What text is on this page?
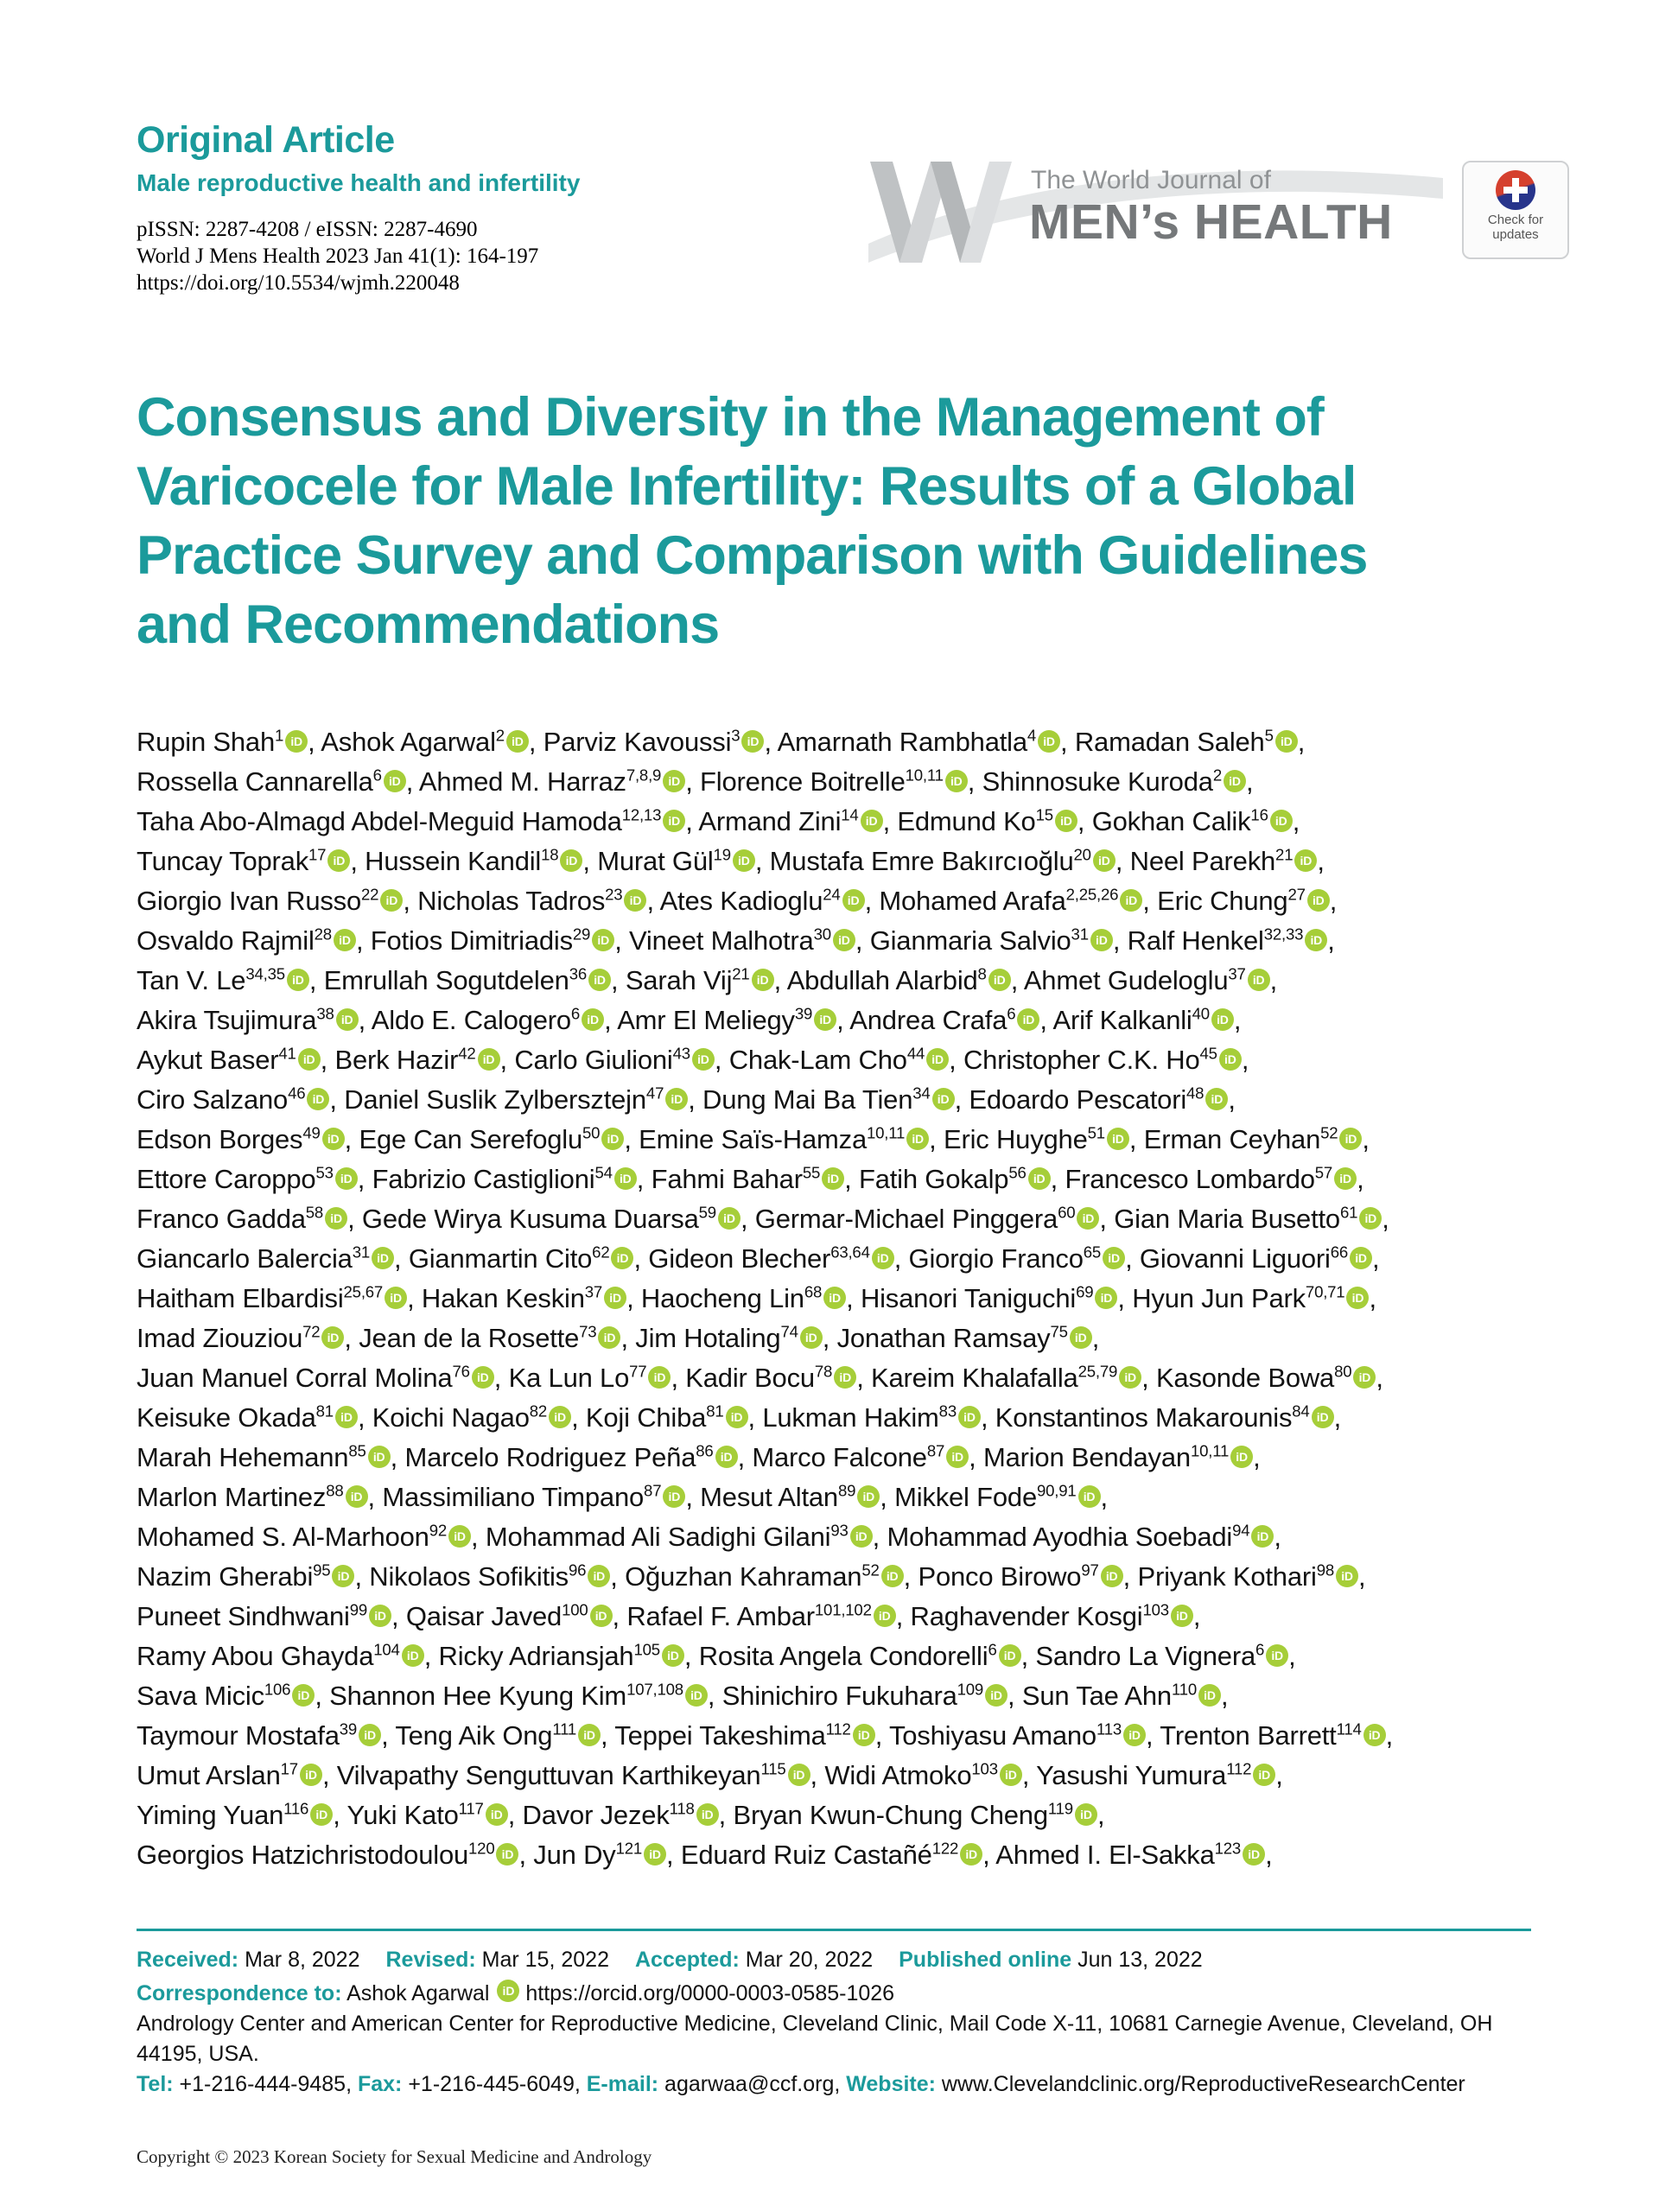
Original Article
Male reproductive health and infertility
pISSN: 2287-4208 / eISSN: 2287-4690
World J Mens Health 2023 Jan 41(1): 164-197
https://doi.org/10.5534/wjmh.220048
The World Journal of
MEN’s HEALTH	Check for updates
Consensus and Diversity in the Management of
Varicocele for Male Infertility: Results of a Global
Practice Survey and Comparison with Guidelines
and Recommendations
Rupin Shah$^1$ iD , Ashok Agarwal$^2$ iD , Parviz Kavoussi$^3$ iD , Amarnath Rambhatla$^4$ iD , Ramadan Saleh$^5$ iD ,
Rossella Cannarella$^6$ iD , Ahmed M. Harraz$^{7,8,9}$ iD , Florence Boitrelle$^{10,11}$ iD , Shinnosuke Kuroda$^2$ iD ,
Taha Abo-Almagd Abdel-Meguid Hamoda$^{12,13}$ iD , Armand Zini$^{14}$ iD , Edmund Ko$^{15}$ iD , Gokhan Calik$^{16}$ iD ,
Tuncay Toprak$^{17}$ iD , Hussein Kandil$^{18}$ iD , Murat Gül$^{19}$ iD , Mustafa Emre Bakırcıoğlu$^{20}$ iD , Neel Parekh$^{21}$ iD ,
Giorgio Ivan Russo$^{22}$ iD , Nicholas Tadros$^{23}$ iD , Ates Kadioglu$^{24}$ iD , Mohamed Arafa$^{2,25,26}$ iD , Eric Chung$^{27}$ iD ,
Osvaldo Rajmil$^{28}$ iD , Fotios Dimitriadis$^{29}$ iD , Vineet Malhotra$^{30}$ iD , Gianmaria Salvio$^{31}$ iD , Ralf Henkel$^{32,33}$ iD ,
Tan V. Le$^{34,35}$ iD , Emrullah Sogutdelen$^{36}$ iD , Sarah Vij$^{21}$ iD , Abdullah Alarbid$^8$ iD , Ahmet Gudeloglu$^{37}$ iD ,
Akira Tsujimura$^{38}$ iD , Aldo E. Calogero$^6$ iD , Amr El Meliegy$^{39}$ iD , Andrea Crafa$^6$ iD , Arif Kalkanli$^{40}$ iD ,
Aykut Baser$^{41}$ iD , Berk Hazir$^{42}$ iD , Carlo Giulioni$^{43}$ iD , Chak-Lam Cho$^{44}$ iD , Christopher C.K. Ho$^{45}$ iD ,
Ciro Salzano$^{46}$ iD , Daniel Suslik Zylbersztejn$^{47}$ iD , Dung Mai Ba Tien$^{34}$ iD , Edoardo Pescatori$^{48}$ iD ,
Edson Borges$^{49}$ iD , Ege Can Serefoglu$^{50}$ iD , Emine Saïs-Hamza$^{10,11}$ iD , Eric Huyghe$^{51}$ iD , Erman Ceyhan$^{52}$ iD ,
Ettore Caroppo$^{53}$ iD , Fabrizio Castiglioni$^{54}$ iD , Fahmi Bahar$^{55}$ iD , Fatih Gokalp$^{56}$ iD , Francesco Lombardo$^{57}$ iD ,
Franco Gadda$^{58}$ iD , Gede Wirya Kusuma Duarsa$^{59}$ iD , Germar-Michael Pinggera$^{60}$ iD , Gian Maria Busetto$^{61}$ iD ,
Giancarlo Balercia$^{31}$ iD , Gianmartin Cito$^{62}$ iD , Gideon Blecher$^{63,64}$ iD , Giorgio Franco$^{65}$ iD , Giovanni Liguori$^{66}$ iD ,
Haitham Elbardisi$^{25,67}$ iD , Hakan Keskin$^{37}$ iD , Haocheng Lin$^{68}$ iD , Hisanori Taniguchi$^{69}$ iD , Hyun Jun Park$^{70,71}$ iD ,
Imad Ziouziou$^{72}$ iD , Jean de la Rosette$^{73}$ iD , Jim Hotaling$^{74}$ iD , Jonathan Ramsay$^{75}$ iD ,
Juan Manuel Corral Molina$^{76}$ iD , Ka Lun Lo$^{77}$ iD , Kadir Bocu$^{78}$ iD , Kareim Khalafalla$^{25,79}$ iD , Kasonde Bowa$^{80}$ iD ,
Keisuke Okada$^{81}$ iD , Koichi Nagao$^{82}$ iD , Koji Chiba$^{81}$ iD , Lukman Hakim$^{83}$ iD , Konstantinos Makarounis$^{84}$ iD ,
Marah Hehemann$^{85}$ iD , Marcelo Rodriguez Peña$^{86}$ iD , Marco Falcone$^{87}$ iD , Marion Bendayan$^{10,11}$ iD ,
Marlon Martinez$^{88}$ iD , Massimiliano Timpano$^{87}$ iD , Mesut Altan$^{89}$ iD , Mikkel Fode$^{90,91}$ iD ,
Mohamed S. Al-Marhoon$^{92}$ iD , Mohammad Ali Sadighi Gilani$^{93}$ iD , Mohammad Ayodhia Soebadi$^{94}$ iD ,
Nazim Gherabi$^{95}$ iD , Nikolaos Sofikitis$^{96}$ iD , Oğuzhan Kahraman$^{52}$ iD , Ponco Birowo$^{97}$ iD , Priyank Kothari$^{98}$ iD ,
Puneet Sindhwani$^{99}$ iD , Qaisar Javed$^{100}$ iD , Rafael F. Ambar$^{101,102}$ iD , Raghavender Kosgi$^{103}$ iD ,
Ramy Abou Ghayda$^{104}$ iD , Ricky Adriansjah$^{105}$ iD , Rosita Angela Condorelli$^6$ iD , Sandro La Vignera$^6$ iD ,
Sava Micic$^{106}$ iD , Shannon Hee Kyung Kim$^{107,108}$ iD , Shinichiro Fukuhara$^{109}$ iD , Sun Tae Ahn$^{110}$ iD ,
Taymour Mostafa$^{39}$ iD , Teng Aik Ong$^{111}$ iD , Teppei Takeshima$^{112}$ iD , Toshiyasu Amano$^{113}$ iD , Trenton Barrett$^{114}$ iD ,
Umut Arslan$^{17}$ iD , Vilvapathy Senguttuvan Karthikeyan$^{115}$ iD , Widi Atmoko$^{103}$ iD , Yasushi Yumura$^{112}$ iD ,
Yiming Yuan$^{116}$ iD , Yuki Kato$^{117}$ iD , Davor Jezek$^{118}$ iD , Bryan Kwun-Chung Cheng$^{119}$ iD ,
Georgios Hatzichristodoulou$^{120}$ iD , Jun Dy$^{121}$ iD , Eduard Ruiz Castañé$^{122}$ iD , Ahmed I. El-Sakka$^{123}$ iD ,
Received: Mar 8, 2022 Revised: Mar 15, 2022 Accepted: Mar 20, 2022 Published online Jun 13, 2022
Correspondence to: Ashok Agarwal iD https://orcid.org/0000-0003-0585-1026
Andrology Center and American Center for Reproductive Medicine, Cleveland Clinic, Mail Code X-11, 10681 Carnegie Avenue, Cleveland, OH 44195, USA.
Tel: +1-216-444-9485, Fax: +1-216-445-6049, E-mail: agarwaa@ccf.org, Website: www.Clevelandclinic.org/ReproductiveResearchCenter
Copyright © 2023 Korean Society for Sexual Medicine and Andrology
